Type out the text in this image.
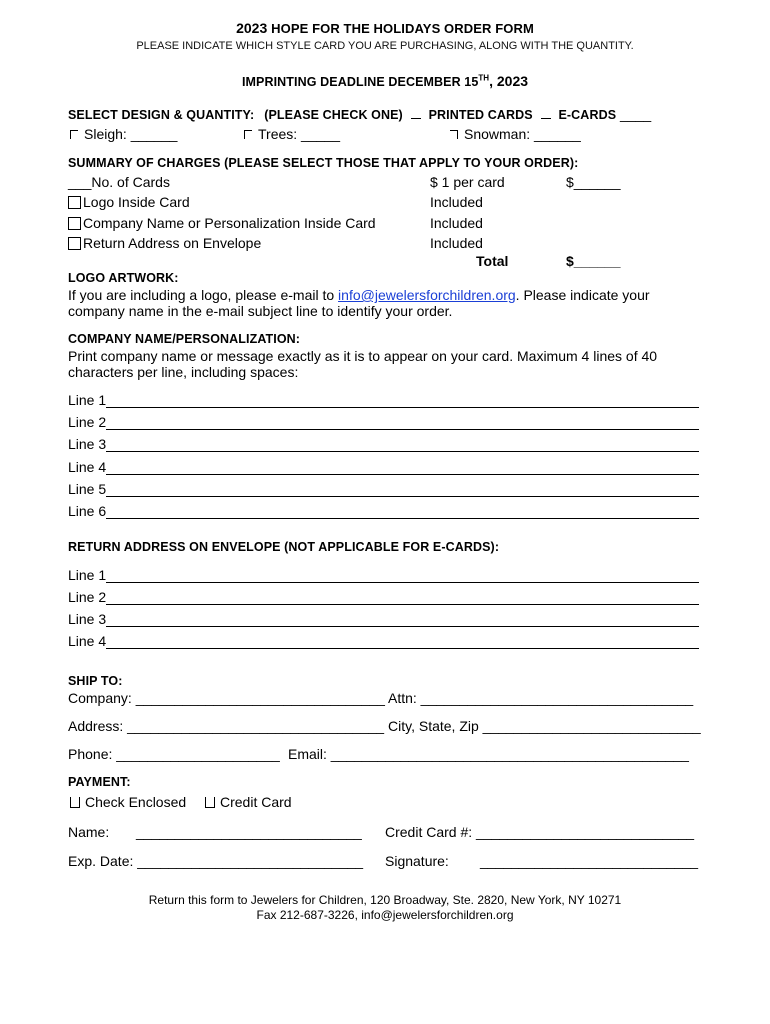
2023 HOPE FOR THE HOLIDAYS ORDER FORM
PLEASE INDICATE WHICH STYLE CARD YOU ARE PURCHASING, ALONG WITH THE QUANTITY.
IMPRINTING DEADLINE DECEMBER 15TH, 2023
SELECT DESIGN & QUANTITY: (PLEASE CHECK ONE) PRINTED CARDS E-CARDS ____
Sleigh: ______	Trees: _____	Snowman: ______
SUMMARY OF CHARGES (PLEASE SELECT THOSE THAT APPLY TO YOUR ORDER):
___No. of Cards	$ 1 per card	$______
Logo Inside Card	Included
Company Name or Personalization Inside Card	Included
Return Address on Envelope	Included
Total	$______
LOGO ARTWORK:
If you are including a logo, please e-mail to info@jewelersforchildren.org. Please indicate your
company name in the e-mail subject line to identify your order.
COMPANY NAME/PERSONALIZATION:
Print company name or message exactly as it is to appear on your card. Maximum 4 lines of 40
characters per line, including spaces:
Line 1
Line 2
Line 3
Line 4
Line 5
Line 6
RETURN ADDRESS ON ENVELOPE (NOT APPLICABLE FOR E-CARDS):
Line 1
Line 2
Line 3
Line 4
SHIP TO:
Company: ________________________________ Attn: ___________________________________
Address: _________________________________ City, State, Zip ____________________________
Phone: _____________________ Email: ______________________________________________
PAYMENT:
Check Enclosed	Credit Card
Name: _____________________________ Credit Card #: ____________________________
Exp. Date: _____________________________ Signature: ____________________________
Return this form to Jewelers for Children, 120 Broadway, Ste. 2820, New York, NY 10271
Fax 212-687-3226, info@jewelersforchildren.org
